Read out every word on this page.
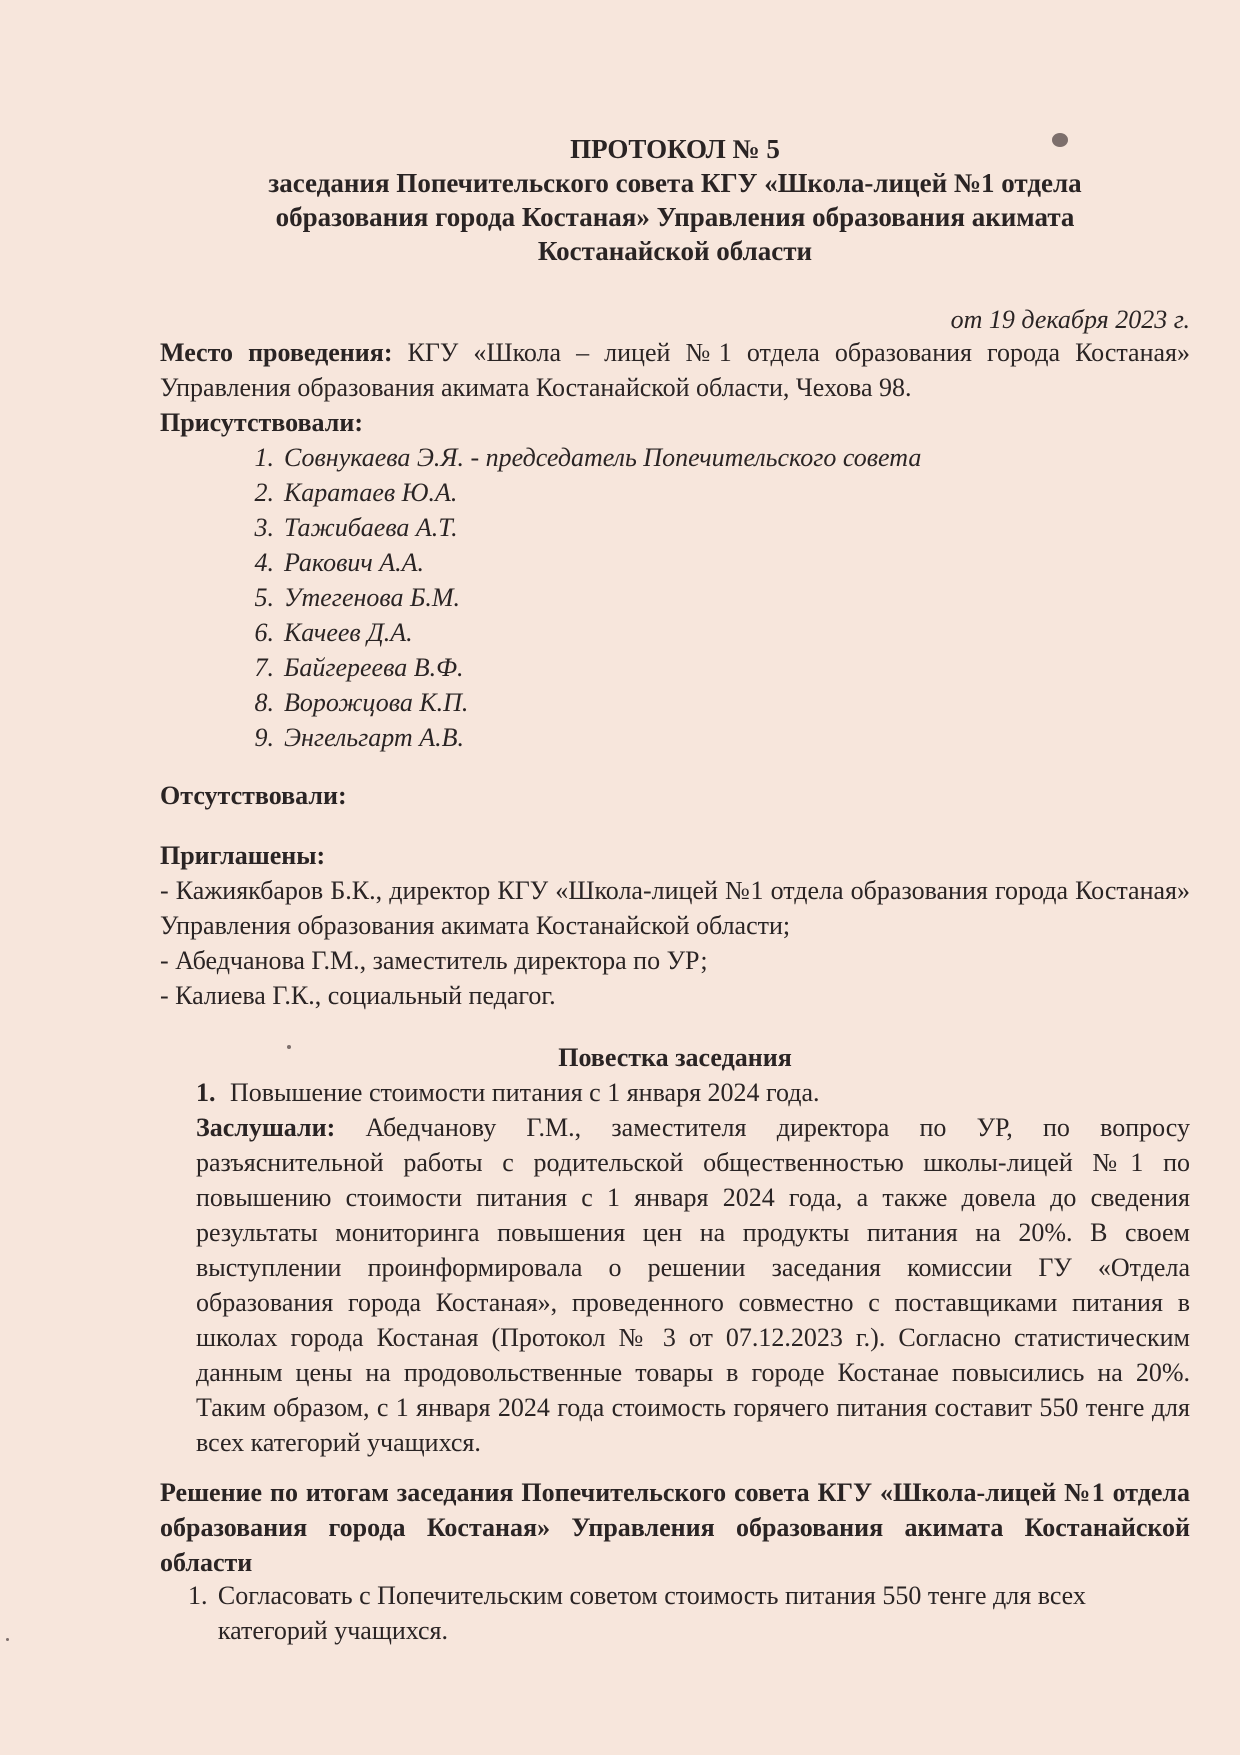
ПРОТОКОЛ № 5
заседания Попечительского совета КГУ «Школа-лицей №1 отдела
образования города Костаная» Управления образования акимата
Костанайской области
от 19 декабря 2023 г.
Место проведения: КГУ «Школа – лицей №1 отдела образования города Костаная» Управления образования акимата Костанайской области, Чехова 98.
Присутствовали:
1. Совнукаева Э.Я. - председатель Попечительского совета
2. Каратаев Ю.А.
3. Тажибаева А.Т.
4. Ракович А.А.
5. Утегенова Б.М.
6. Качеев Д.А.
7. Байгереева В.Ф.
8. Ворожцова К.П.
9. Энгельгарт А.В.
Отсутствовали:
Приглашены:
- Кажиякбаров Б.К., директор КГУ «Школа-лицей №1 отдела образования города Костаная» Управления образования акимата Костанайской области;
- Абедчанова Г.М., заместитель директора по УР;
- Калиева Г.К., социальный педагог.
Повестка заседания
1. Повышение стоимости питания с 1 января 2024 года.
Заслушали: Абедчанову Г.М., заместителя директора по УР, по вопросу разъяснительной работы с родительской общественностью школы-лицей №1 по повышению стоимости питания с 1 января 2024 года, а также довела до сведения результаты мониторинга повышения цен на продукты питания на 20%. В своем выступлении проинформировала о решении заседания комиссии ГУ «Отдела образования города Костаная», проведенного совместно с поставщиками питания в школах города Костаная (Протокол № 3 от 07.12.2023 г.). Согласно статистическим данным цены на продовольственные товары в городе Костанае повысились на 20%. Таким образом, с 1 января 2024 года стоимость горячего питания составит 550 тенге для всех категорий учащихся.
Решение по итогам заседания Попечительского совета КГУ «Школа-лицей №1 отдела образования города Костаная» Управления образования акимата Костанайской области
1. Согласовать с Попечительским советом стоимость питания 550 тенге для всех категорий учащихся.
